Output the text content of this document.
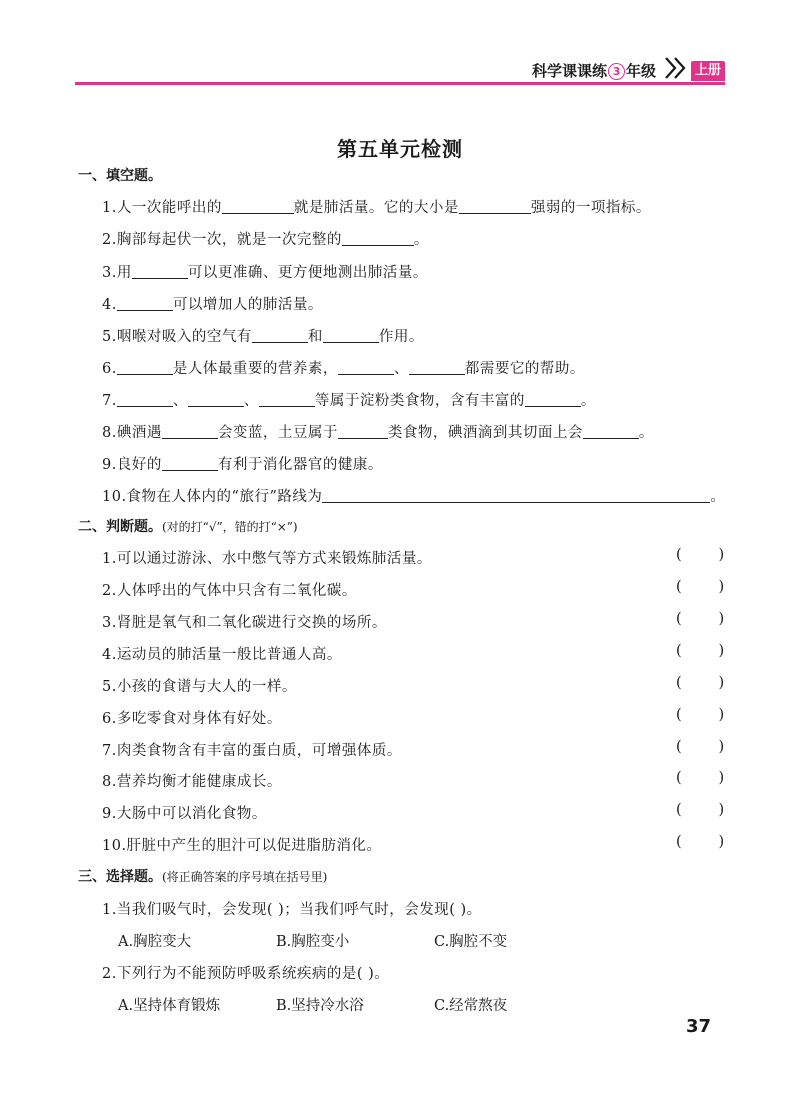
科学课课练 3 年级	上册
第五单元检测
一、填空题。
1.人一次能呼出的	就是肺活量。它的大小是	强弱的一项指标。
2.胸部每起伏一次，就是一次完整的	。
3.用	可以更准确、更方便地测出肺活量。
4.	可以增加人的肺活量。
5.咽喉对吸入的空气有	和	作用。
6.	是人体最重要的营养素，	、	都需要它的帮助。
7.	、	、	等属于淀粉类食物，含有丰富的	。
8.碘酒遇	会变蓝，土豆属于	类食物，碘酒滴到其切面上会	。
9.良好的	有利于消化器官的健康。
10.食物在人体内的“旅行”路线为	。
二、判断题。(对的打“√”，错的打“×”)
1.可以通过游泳、水中憋气等方式来锻炼肺活量。	(        )
2.人体呼出的气体中只含有二氧化碳。	(        )
3.肾脏是氧气和二氧化碳进行交换的场所。	(        )
4.运动员的肺活量一般比普通人高。	(        )
5.小孩的食谱与大人的一样。	(        )
6.多吃零食对身体有好处。	(        )
7.肉类食物含有丰富的蛋白质，可增强体质。	(        )
8.营养均衡才能健康成长。	(        )
9.大肠中可以消化食物。	(        )
10.肝脏中产生的胆汁可以促进脂肪消化。	(        )
三、选择题。(将正确答案的序号填在括号里)
1.当我们吸气时，会发现( )；当我们呼气时，会发现( )。
A.胸腔变大	B.胸腔变小	C.胸腔不变
2.下列行为不能预防呼吸系统疾病的是( )。
A.坚持体育锻炼	B.坚持冷水浴	C.经常熬夜
37
